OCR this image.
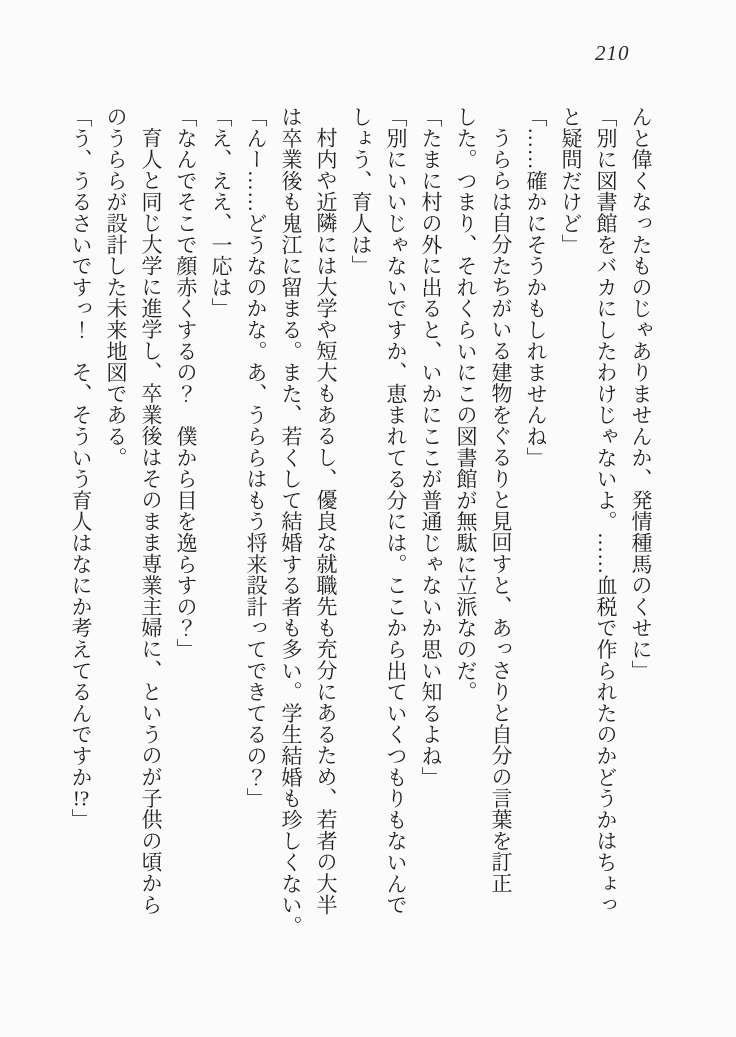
210

んと偉くなったものじゃありませんか、発情種馬のくせに」

「別に図書館をバカにしたわけじゃないよ。……血税で作られたのかどうかはちょっ

と疑問だけど」

「……確かにそうかもしれませんね」

うららは自分たちがいる建物をぐるりと見回すと、あっさりと自分の言葉を訂正

した。つまり、それくらいにこの図書館が無駄に立派なのだ。

「たまに村の外に出ると、いかにここが普通じゃないか思い知るよね」

「別にいいじゃないですか、恵まれてる分には。ここから出ていくつもりもないんで

しょう、育人は」

村内や近隣には大学や短大もあるし、優良な就職先も充分にあるため、若者の大半

は卒業後も鬼江に留まる。また、若くして結婚する者も多い。学生結婚も珍しくない。

「んー……どうなのかな。あ、うららはもう将来設計ってできてるの？」

「え、ええ、一応は」

「なんでそこで顔赤くするの？　僕から目を逸らすの？」

育人と同じ大学に進学し、卒業後はそのまま専業主婦に、というのが子供の頃から

のうららが設計した未来地図である。

「う、うるさいですっ！　そ、そういう育人はなにか考えてるんですか!?」
